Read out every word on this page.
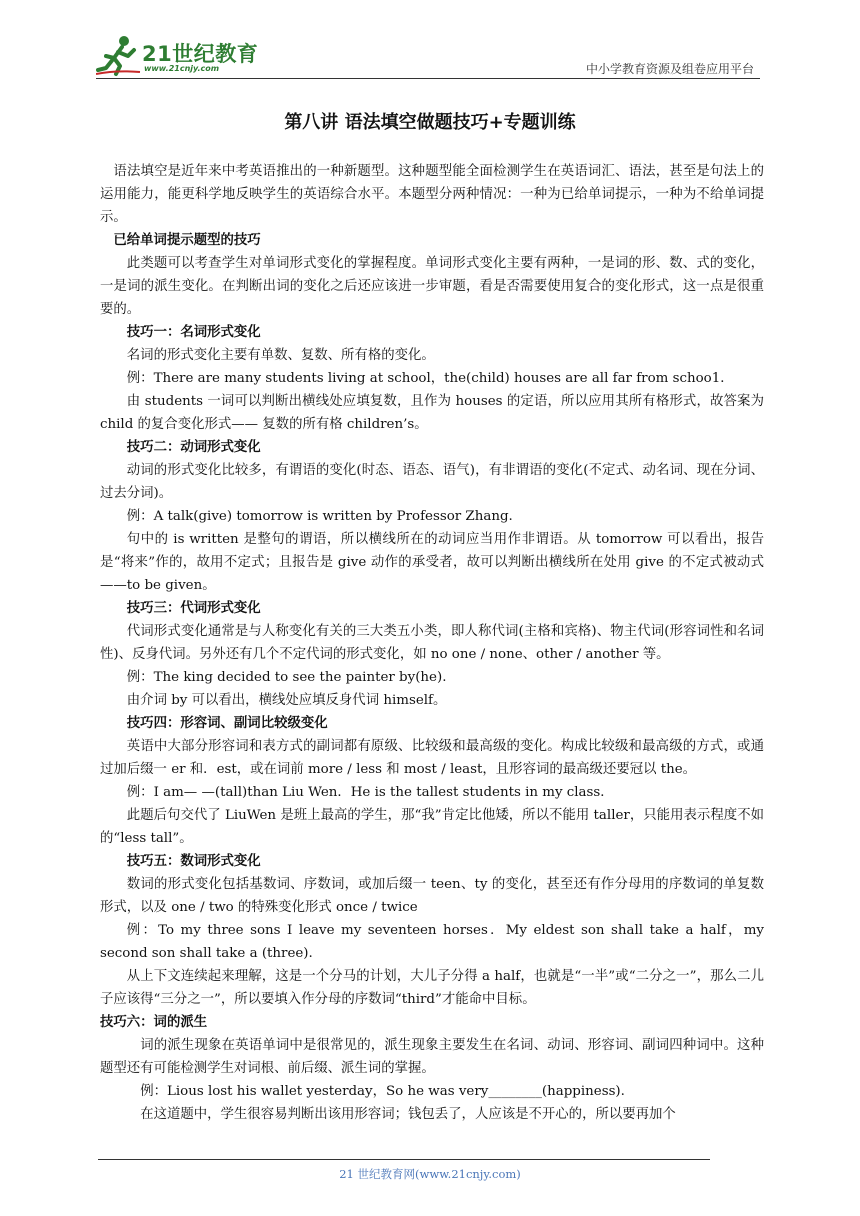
21世纪教育
www.21cnjy.com	中小学教育资源及组卷应用平台
第八讲 语法填空做题技巧+专题训练

语法填空是近年来中考英语推出的一种新题型。这种题型能全面检测学生在英语词汇、语法，甚至是句法上的运用能力，能更科学地反映学生的英语综合水平。本题型分两种情况：一种为已给单词提示，一种为不给单词提示。

已给单词提示题型的技巧

此类题可以考查学生对单词形式变化的掌握程度。单词形式变化主要有两种，一是词的形、数、式的变化，一是词的派生变化。在判断出词的变化之后还应该进一步审题，看是否需要使用复合的变化形式，这一点是很重要的。

技巧一：名词形式变化

名词的形式变化主要有单数、复数、所有格的变化。

例：There are many students living at school，the(child) houses are all far from schoo1．

由 students 一词可以判断出横线处应填复数，且作为 houses 的定语，所以应用其所有格形式，故答案为 child 的复合变化形式—— 复数的所有格 children’s。

技巧二：动词形式变化

动词的形式变化比较多，有谓语的变化(时态、语态、语气)，有非谓语的变化(不定式、动名词、现在分词、过去分词)。

例：A talk(give) tomorrow is written by Professor Zhang.

句中的 is written 是整句的谓语，所以横线所在的动词应当用作非谓语。从 tomorrow 可以看出，报告是“将来”作的，故用不定式；且报告是 give 动作的承受者，故可以判断出横线所在处用 give 的不定式被动式——to be given。

技巧三：代词形式变化

代词形式变化通常是与人称变化有关的三大类五小类，即人称代词(主格和宾格)、物主代词(形容词性和名词性)、反身代词。另外还有几个不定代词的形式变化，如 no one / none、other / another 等。

例：The king decided to see the painter by(he).

由介词 by 可以看出，横线处应填反身代词 himself。

技巧四：形容词、副词比较级变化

英语中大部分形容词和表方式的副词都有原级、比较级和最高级的变化。构成比较级和最高级的方式，或通过加后缀一 er 和．est，或在词前 more / less 和 most / least，且形容词的最高级还要冠以 the。

例：I am— —(tall)than Liu Wen．He is the tallest students in my class．

此题后句交代了 LiuWen 是班上最高的学生，那“我”肯定比他矮，所以不能用 taller，只能用表示程度不如的“less tall”。

技巧五：数词形式变化

数词的形式变化包括基数词、序数词，或加后缀一 teen、ty 的变化，甚至还有作分母用的序数词的单复数形式，以及 one / two 的特殊变化形式 once / twice

例：To my three sons I leave my seventeen horses．My eldest son shall take a half，my second son shall take a (three).

从上下文连续起来理解，这是一个分马的计划，大儿子分得 a half，也就是“一半”或“二分之一”，那么二儿子应该得“三分之一”，所以要填入作分母的序数词“third”才能命中目标。

技巧六：词的派生

词的派生现象在英语单词中是很常见的，派生现象主要发生在名词、动词、形容词、副词四种词中。这种题型还有可能检测学生对词根、前后缀、派生词的掌握。

例：Lious lost his wallet yesterday，So he was very________(happiness).

在这道题中，学生很容易判断出该用形容词；钱包丢了，人应该是不开心的，所以要再加个

21 世纪教育网(www.21cnjy.com)
